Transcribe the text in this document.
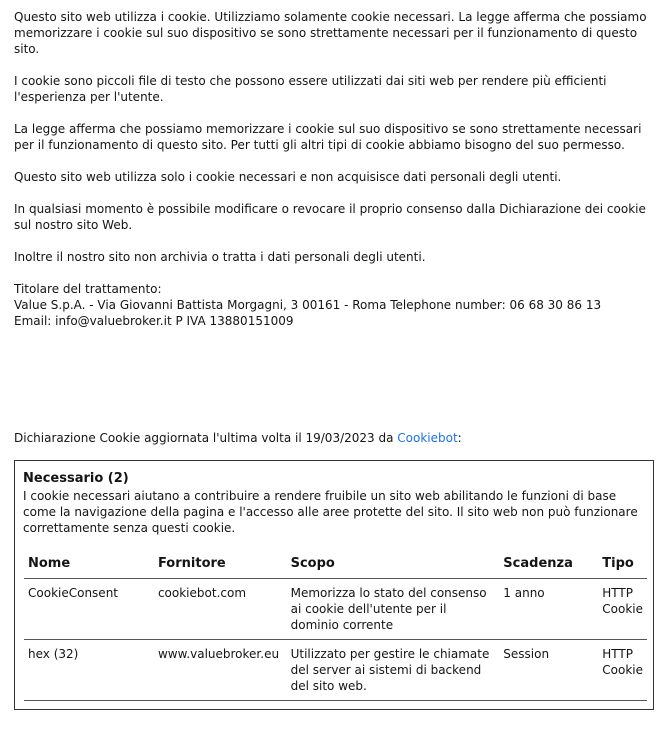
Questo sito web utilizza i cookie. Utilizziamo solamente cookie necessari. La legge afferma che possiamo memorizzare i cookie sul suo dispositivo se sono strettamente necessari per il funzionamento di questo sito.

I cookie sono piccoli file di testo che possono essere utilizzati dai siti web per rendere più efficienti l'esperienza per l'utente.

La legge afferma che possiamo memorizzare i cookie sul suo dispositivo se sono strettamente necessari per il funzionamento di questo sito. Per tutti gli altri tipi di cookie abbiamo bisogno del suo permesso.

Questo sito web utilizza solo i cookie necessari e non acquisisce dati personali degli utenti.

In qualsiasi momento è possibile modificare o revocare il proprio consenso dalla Dichiarazione dei cookie sul nostro sito Web.

Inoltre il nostro sito non archivia o tratta i dati personali degli utenti.

Titolare del trattamento:

Value S.p.A. - Via Giovanni Battista Morgagni, 3 00161 - Roma Telephone number: 06 68 30 86 13

Email: info@valuebroker.it P IVA 13880151009

Dichiarazione Cookie aggiornata l'ultima volta il 19/03/2023 da Cookiebot:
Necessario (2)
I cookie necessari aiutano a contribuire a rendere fruibile un sito web abilitando le funzioni di base come la navigazione della pagina e l'accesso alle aree protette del sito. Il sito web non può funzionare correttamente senza questi cookie.
Nome	Fornitore	Scopo	Scadenza	Tipo
CookieConsent	cookiebot.com	Memorizza lo stato del consenso ai cookie dell'utente per il dominio corrente	1 anno	HTTP Cookie
hex (32)	www.valuebroker.eu	Utilizzato per gestire le chiamate del server ai sistemi di backend del sito web.	Session	HTTP Cookie
